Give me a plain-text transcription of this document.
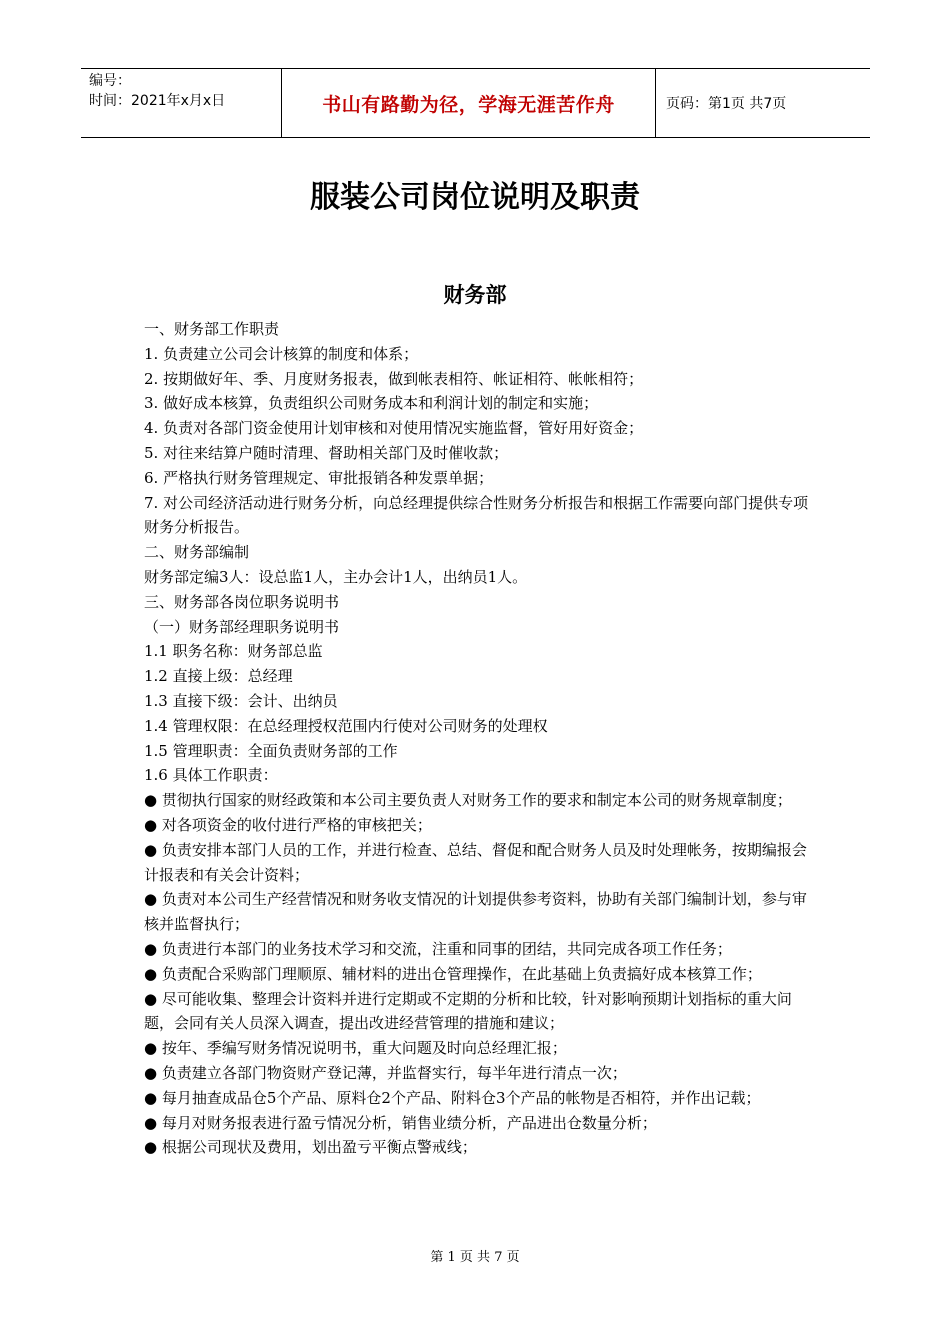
编号：
时间：2021年x月x日	书山有路勤为径，学海无涯苦作舟	页码：第1页 共7页
服装公司岗位说明及职责
财务部

一、财务部工作职责

1. 负责建立公司会计核算的制度和体系；

2. 按期做好年、季、月度财务报表，做到帐表相符、帐证相符、帐帐相符；

3. 做好成本核算，负责组织公司财务成本和利润计划的制定和实施；

4. 负责对各部门资金使用计划审核和对使用情况实施监督，管好用好资金；

5. 对往来结算户随时清理、督助相关部门及时催收款；

6. 严格执行财务管理规定、审批报销各种发票单据；

7. 对公司经济活动进行财务分析，向总经理提供综合性财务分析报告和根据工作需要向部门提供专项财务分析报告。

二、财务部编制

财务部定编3人：设总监1人，主办会计1人，出纳员1人。

三、财务部各岗位职务说明书

（一）财务部经理职务说明书

1.1 职务名称：财务部总监

1.2 直接上级：总经理

1.3 直接下级：会计、出纳员

1.4 管理权限：在总经理授权范围内行使对公司财务的处理权

1.5 管理职责：全面负责财务部的工作

1.6 具体工作职责：

● 贯彻执行国家的财经政策和本公司主要负责人对财务工作的要求和制定本公司的财务规章制度；

● 对各项资金的收付进行严格的审核把关；

● 负责安排本部门人员的工作，并进行检查、总结、督促和配合财务人员及时处理帐务，按期编报会计报表和有关会计资料；

● 负责对本公司生产经营情况和财务收支情况的计划提供参考资料，协助有关部门编制计划，参与审核并监督执行；

● 负责进行本部门的业务技术学习和交流，注重和同事的团结，共同完成各项工作任务；

● 负责配合采购部门理顺原、辅材料的进出仓管理操作，在此基础上负责搞好成本核算工作；

● 尽可能收集、整理会计资料并进行定期或不定期的分析和比较，针对影响预期计划指标的重大问题，会同有关人员深入调查，提出改进经营管理的措施和建议；

● 按年、季编写财务情况说明书，重大问题及时向总经理汇报；

● 负责建立各部门物资财产登记薄，并监督实行，每半年进行清点一次；

● 每月抽查成品仓5个产品、原料仓2个产品、附料仓3个产品的帐物是否相符，并作出记载；

● 每月对财务报表进行盈亏情况分析，销售业绩分析，产品进出仓数量分析；

● 根据公司现状及费用，划出盈亏平衡点警戒线；

第 1 页 共 7 页
